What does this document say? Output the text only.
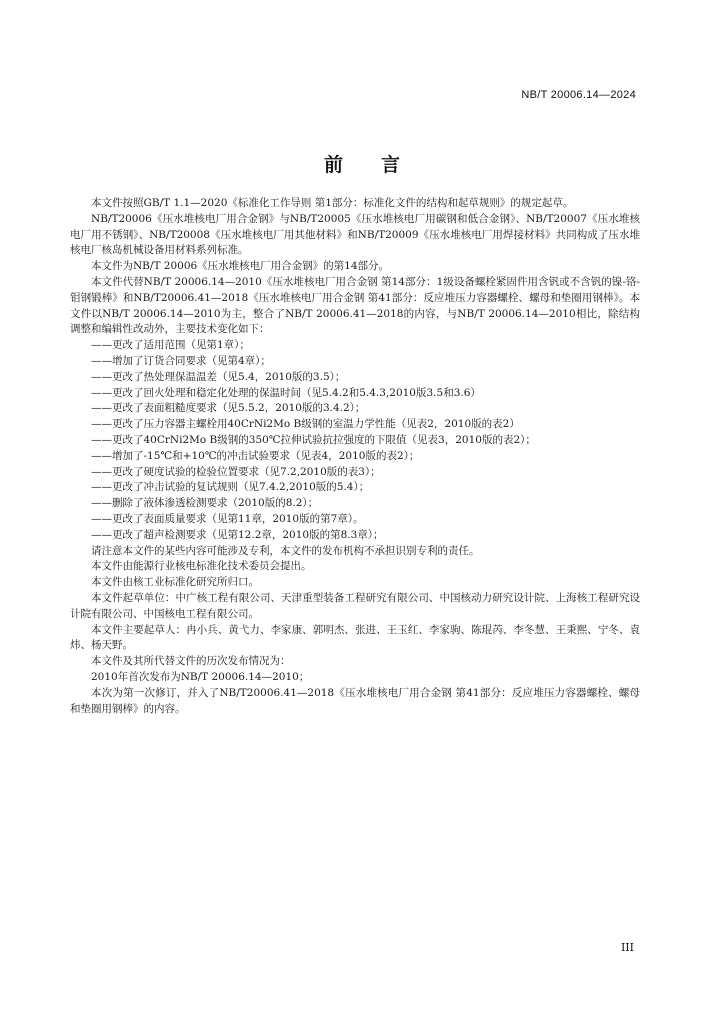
NB/T 20006.14—2024
前言

本文件按照GB/T 1.1—2020《标准化工作导则 第1部分：标准化文件的结构和起草规则》的规定起草。

NB/T20006《压水堆核电厂用合金钢》与NB/T20005《压水堆核电厂用碳钢和低合金钢》、NB/T20007《压水堆核电厂用不锈钢》、NB/T20008《压水堆核电厂用其他材料》和NB/T20009《压水堆核电厂用焊接材料》共同构成了压水堆核电厂核岛机械设备用材料系列标准。

本文件为NB/T 20006《压水堆核电厂用合金钢》的第14部分。

本文件代替NB/T 20006.14—2010《压水堆核电厂用合金钢 第14部分：1级设备螺栓紧固件用含钒或不含钒的镍-铬-钼钢锻棒》和NB/T20006.41—2018《压水堆核电厂用合金钢 第41部分：反应堆压力容器螺栓、螺母和垫圈用钢棒》。本文件以NB/T 20006.14—2010为主，整合了NB/T 20006.41—2018的内容，与NB/T 20006.14—2010相比，除结构调整和编辑性改动外，主要技术变化如下：

——更改了适用范围（见第1章）；

——增加了订货合同要求（见第4章）；

——更改了热处理保温温差（见5.4，2010版的3.5）；

——更改了回火处理和稳定化处理的保温时间（见5.4.2和5.4.3,2010版3.5和3.6）

——更改了表面粗糙度要求（见5.5.2，2010版的3.4.2）；

——更改了压力容器主螺栓用40CrNi2Mo B级钢的室温力学性能（见表2，2010版的表2）

——更改了40CrNi2Mo B级钢的350℃拉伸试验抗拉强度的下限值（见表3，2010版的表2）；

——增加了-15℃和+10℃的冲击试验要求（见表4，2010版的表2）；

——更改了硬度试验的检验位置要求（见7.2,2010版的表3）；

——更改了冲击试验的复试规则（见7.4.2,2010版的5.4）；

——删除了液体渗透检测要求（2010版的8.2）；

——更改了表面质量要求（见第11章，2010版的第7章）。

——更改了超声检测要求（见第12.2章，2010版的第8.3章）；

请注意本文件的某些内容可能涉及专利，本文件的发布机构不承担识别专利的责任。

本文件由能源行业核电标准化技术委员会提出。

本文件由核工业标准化研究所归口。

本文件起草单位：中广核工程有限公司、天津重型装备工程研究有限公司、中国核动力研究设计院、上海核工程研究设计院有限公司、中国核电工程有限公司。

本文件主要起草人：冉小兵、黄弋力、李家康、郭明杰、张进、王玉红、李家驹、陈琨芮、李冬慧、王秉熙、宁冬、袁炜、杨天野。

本文件及其所代替文件的历次发布情况为：

2010年首次发布为NB/T 20006.14—2010；

本次为第一次修订，并入了NB/T20006.41—2018《压水堆核电厂用合金钢 第41部分：反应堆压力容器螺栓、螺母和垫圈用钢棒》的内容。

III
